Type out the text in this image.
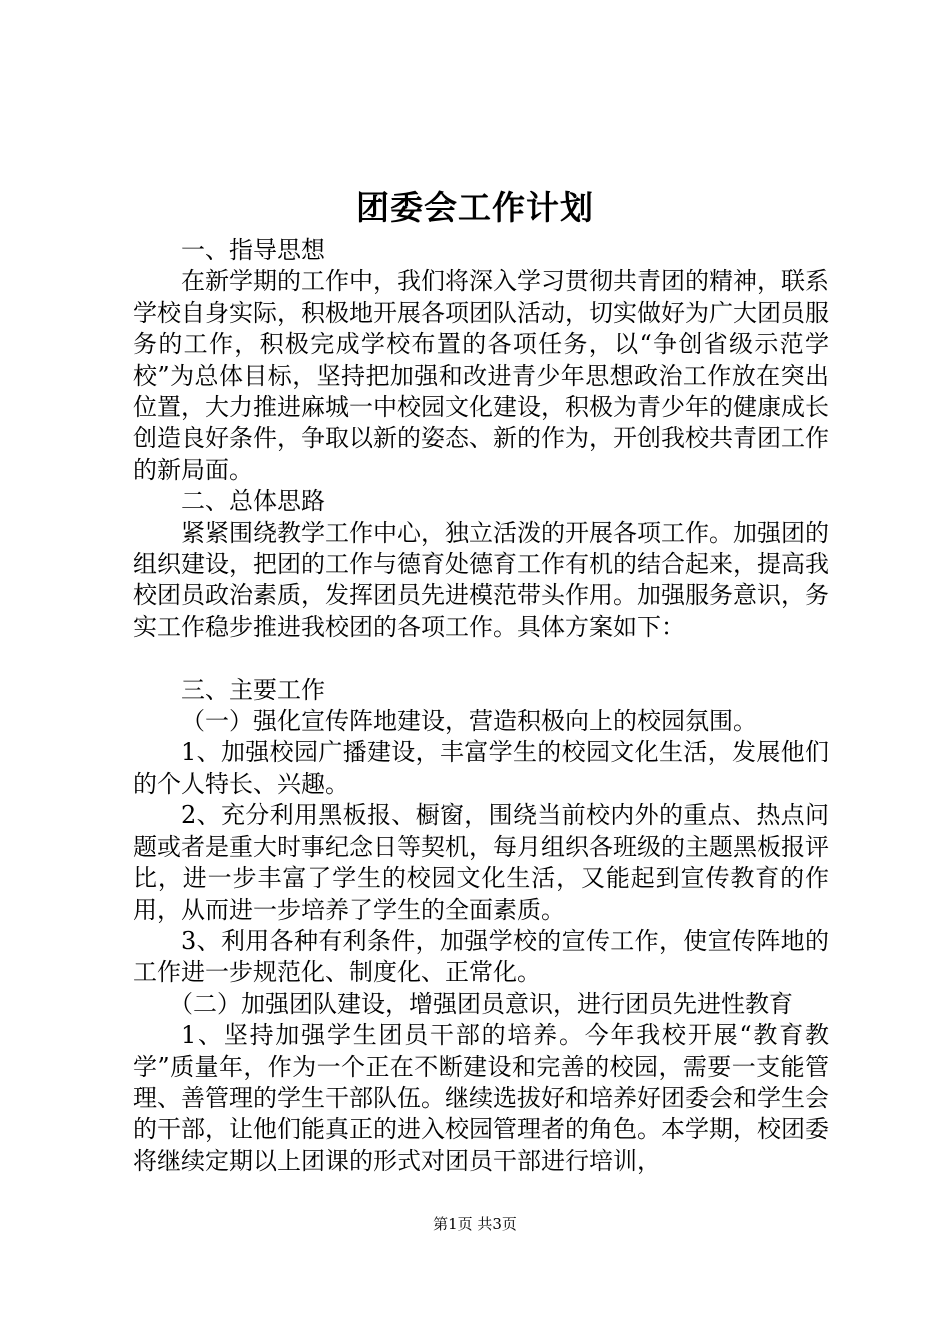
团委会工作计划

一、指导思想

在新学期的工作中，我们将深入学习贯彻共青团的精神，联系学校自身实际，积极地开展各项团队活动，切实做好为广大团员服务的工作，积极完成学校布置的各项任务，以“争创省级示范学校”为总体目标，坚持把加强和改进青少年思想政治工作放在突出位置，大力推进麻城一中校园文化建设，积极为青少年的健康成长创造良好条件，争取以新的姿态、新的作为，开创我校共青团工作的新局面。

二、总体思路

紧紧围绕教学工作中心，独立活泼的开展各项工作。加强团的组织建设，把团的工作与德育处德育工作有机的结合起来，提高我校团员政治素质，发挥团员先进模范带头作用。加强服务意识，务实工作稳步推进我校团的各项工作。具体方案如下：

三、主要工作

（一）强化宣传阵地建设，营造积极向上的校园氛围。

1、加强校园广播建设，丰富学生的校园文化生活，发展他们的个人特长、兴趣。

2、充分利用黑板报、橱窗，围绕当前校内外的重点、热点问题或者是重大时事纪念日等契机，每月组织各班级的主题黑板报评比，进一步丰富了学生的校园文化生活，又能起到宣传教育的作用，从而进一步培养了学生的全面素质。

3、利用各种有利条件，加强学校的宣传工作，使宣传阵地的工作进一步规范化、制度化、正常化。

（二）加强团队建设，增强团员意识，进行团员先进性教育

1、坚持加强学生团员干部的培养。今年我校开展“教育教学”质量年，作为一个正在不断建设和完善的校园，需要一支能管理、善管理的学生干部队伍。继续选拔好和培养好团委会和学生会的干部，让他们能真正的进入校园管理者的角色。本学期，校团委将继续定期以上团课的形式对团员干部进行培训，

第1页 共3页
